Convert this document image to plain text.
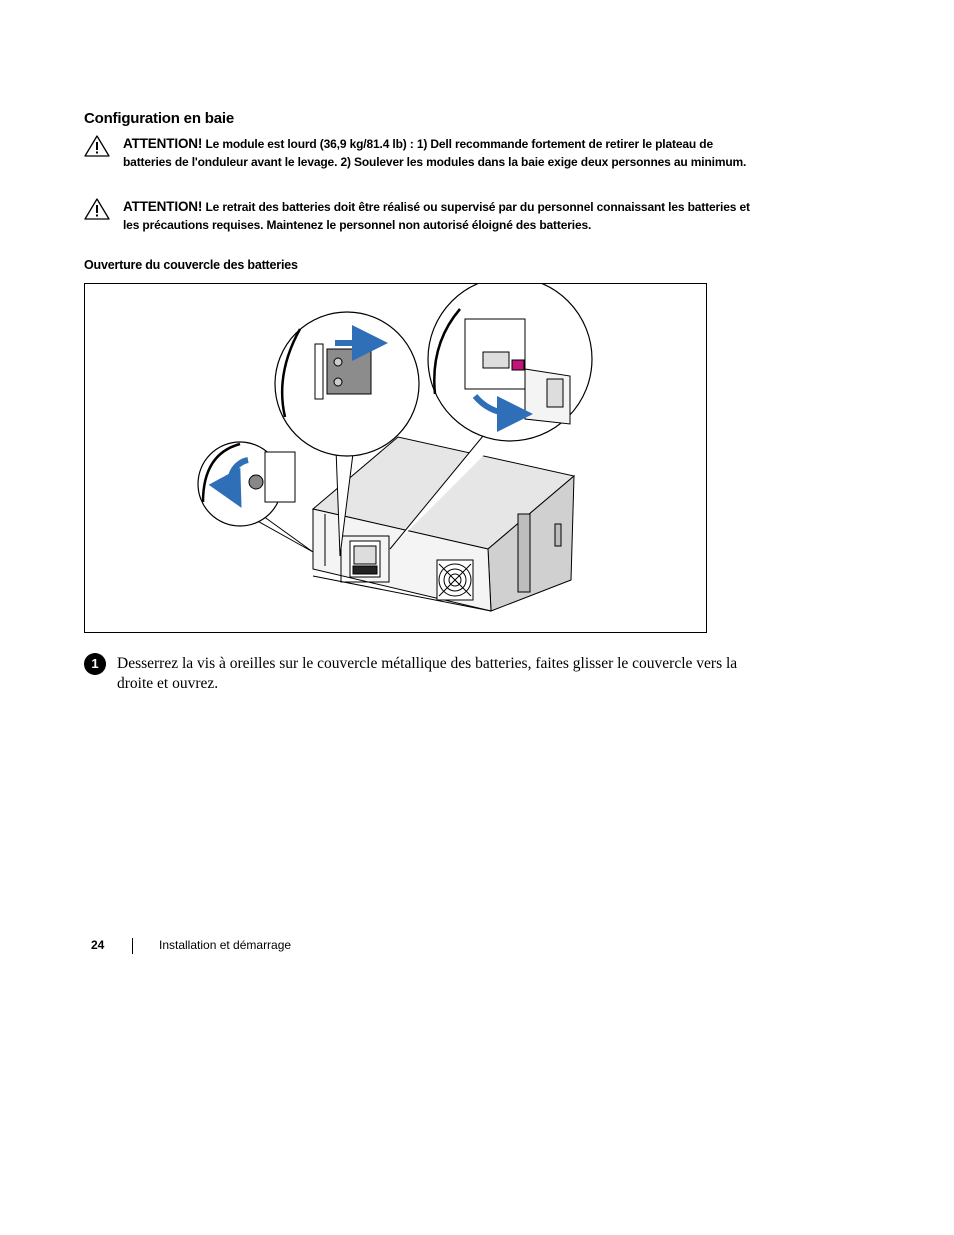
Configuration en baie
ATTENTION! Le module est lourd (36,9 kg/81.4 lb) : 1) Dell recommande fortement de retirer le plateau de batteries de l'onduleur avant le levage. 2) Soulever les modules dans la baie exige deux personnes au minimum.
ATTENTION! Le retrait des batteries doit être réalisé ou supervisé par du personnel connaissant les batteries et les précautions requises. Maintenez le personnel non autorisé éloigné des batteries.
Ouverture du couvercle des batteries
1	Desserrez la vis à oreilles sur le couvercle métallique des batteries, faites glisser le couvercle vers la droite et ouvrez.
24	Installation et démarrage
